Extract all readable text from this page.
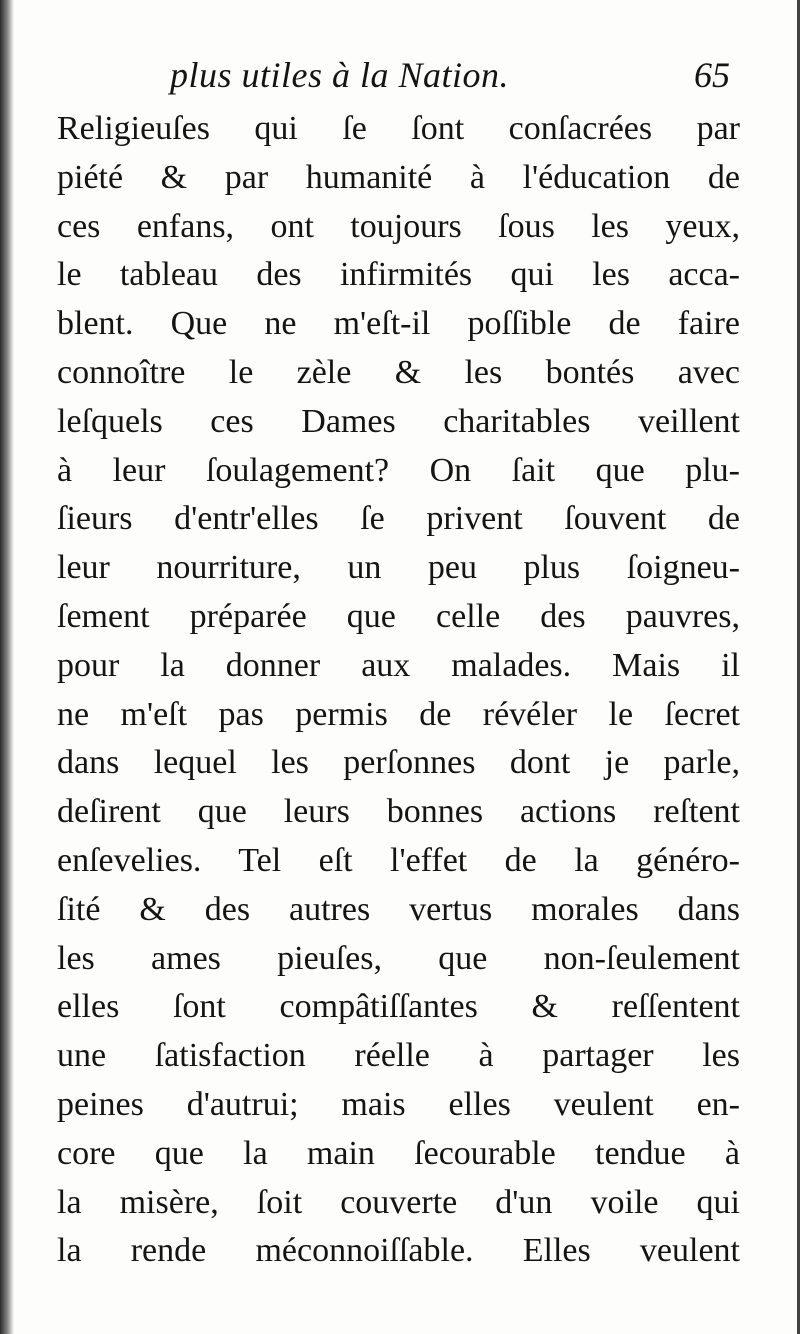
plus utiles à la Nation.	65
Religieuſes qui ſe ſont conſacrées par
piété & par humanité à l'éducation de
ces enfans, ont toujours ſous les yeux,
le tableau des infirmités qui les acca-
blent. Que ne m'eſt-il poſſible de faire
connoître le zèle & les bontés avec
leſquels ces Dames charitables veillent
à leur ſoulagement? On ſait que plu-
ſieurs d'entr'elles ſe privent ſouvent de
leur nourriture, un peu plus ſoigneu-
ſement préparée que celle des pauvres,
pour la donner aux malades. Mais il
ne m'eſt pas permis de révéler le ſecret
dans lequel les perſonnes dont je parle,
deſirent que leurs bonnes actions reſtent
enſevelies. Tel eſt l'effet de la généro-
ſité & des autres vertus morales dans
les ames pieuſes, que non-ſeulement
elles ſont compâtiſſantes & reſſentent
une ſatisfaction réelle à partager les
peines d'autrui; mais elles veulent en-
core que la main ſecourable tendue à
la misère, ſoit couverte d'un voile qui
la rende méconnoiſſable. Elles veulent
